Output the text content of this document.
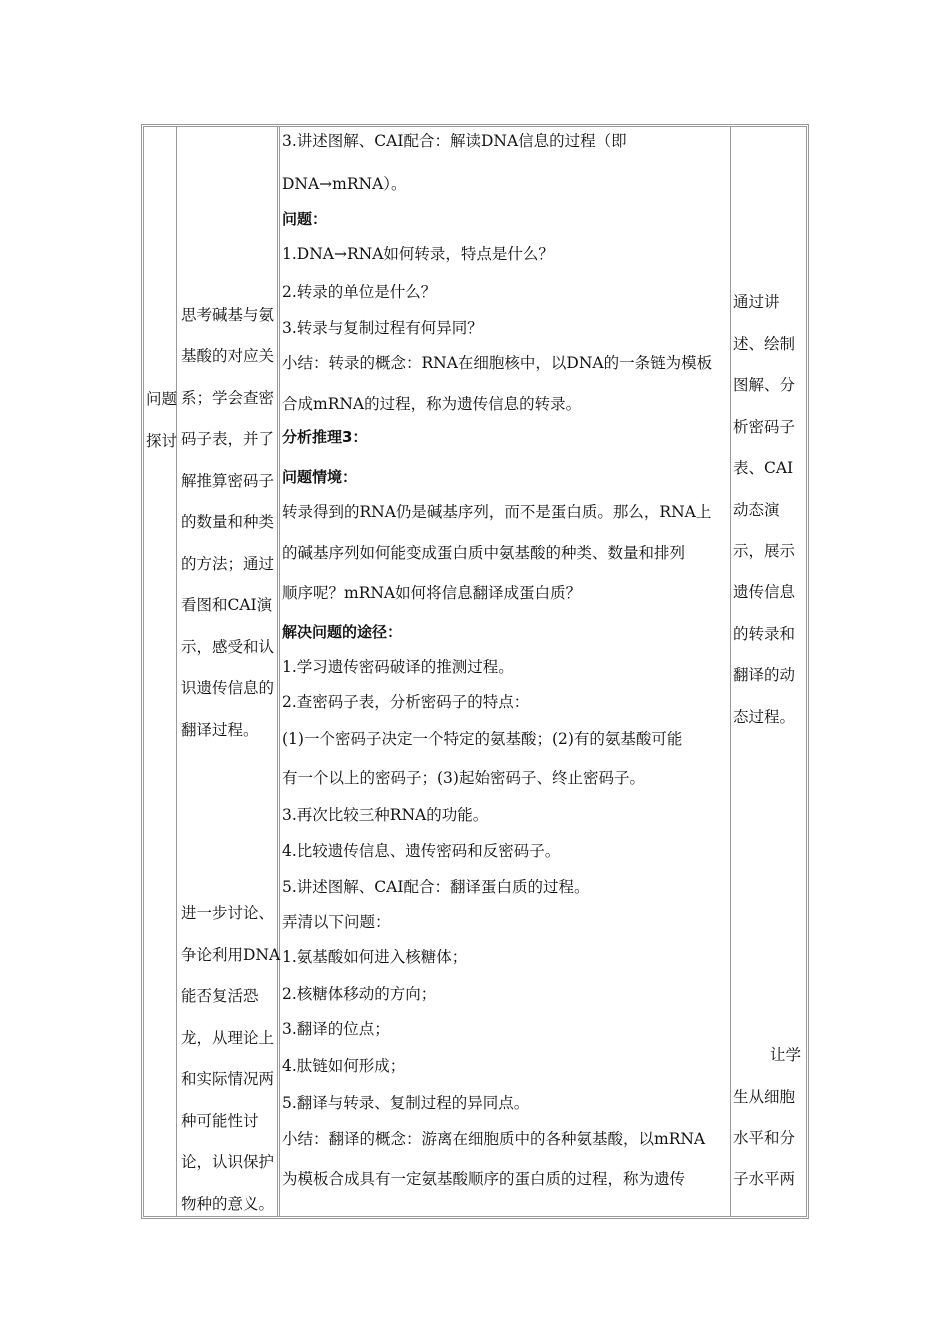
问题
探讨
思考碱基与氨
基酸的对应关
系；学会查密
码子表，并了
解推算密码子
的数量和种类
的方法；通过
看图和CAI演
示，感受和认
识遗传信息的
翻译过程。
进一步讨论、
争论利用DNA
能否复活恐
龙，从理论上
和实际情况两
种可能性讨
论，认识保护
物种的意义。
3.讲述图解、CAI配合：解读DNA信息的过程（即
DNA→mRNA）。
问题：
1.DNA→RNA如何转录，特点是什么？
2.转录的单位是什么？
3.转录与复制过程有何异同？
小结：转录的概念：RNA在细胞核中，以DNA的一条链为模板
合成mRNA的过程，称为遗传信息的转录。
分析推理3：
问题情境：
转录得到的RNA仍是碱基序列，而不是蛋白质。那么，RNA上
的碱基序列如何能变成蛋白质中氨基酸的种类、数量和排列
顺序呢？mRNA如何将信息翻译成蛋白质？
解决问题的途径：
1.学习遗传密码破译的推测过程。
2.查密码子表，分析密码子的特点：
(1)一个密码子决定一个特定的氨基酸；(2)有的氨基酸可能
有一个以上的密码子；(3)起始密码子、终止密码子。
3.再次比较三种RNA的功能。
4.比较遗传信息、遗传密码和反密码子。
5.讲述图解、CAI配合：翻译蛋白质的过程。
弄清以下问题：
1.氨基酸如何进入核糖体；
2.核糖体移动的方向；
3.翻译的位点；
4.肽链如何形成；
5.翻译与转录、复制过程的异同点。
小结：翻译的概念：游离在细胞质中的各种氨基酸，以mRNA
为模板合成具有一定氨基酸顺序的蛋白质的过程，称为遗传
通过讲
述、绘制
图解、分
析密码子
表、CAI
动态演
示，展示
遗传信息
的转录和
翻译的动
态过程。
让学
生从细胞
水平和分
子水平两
